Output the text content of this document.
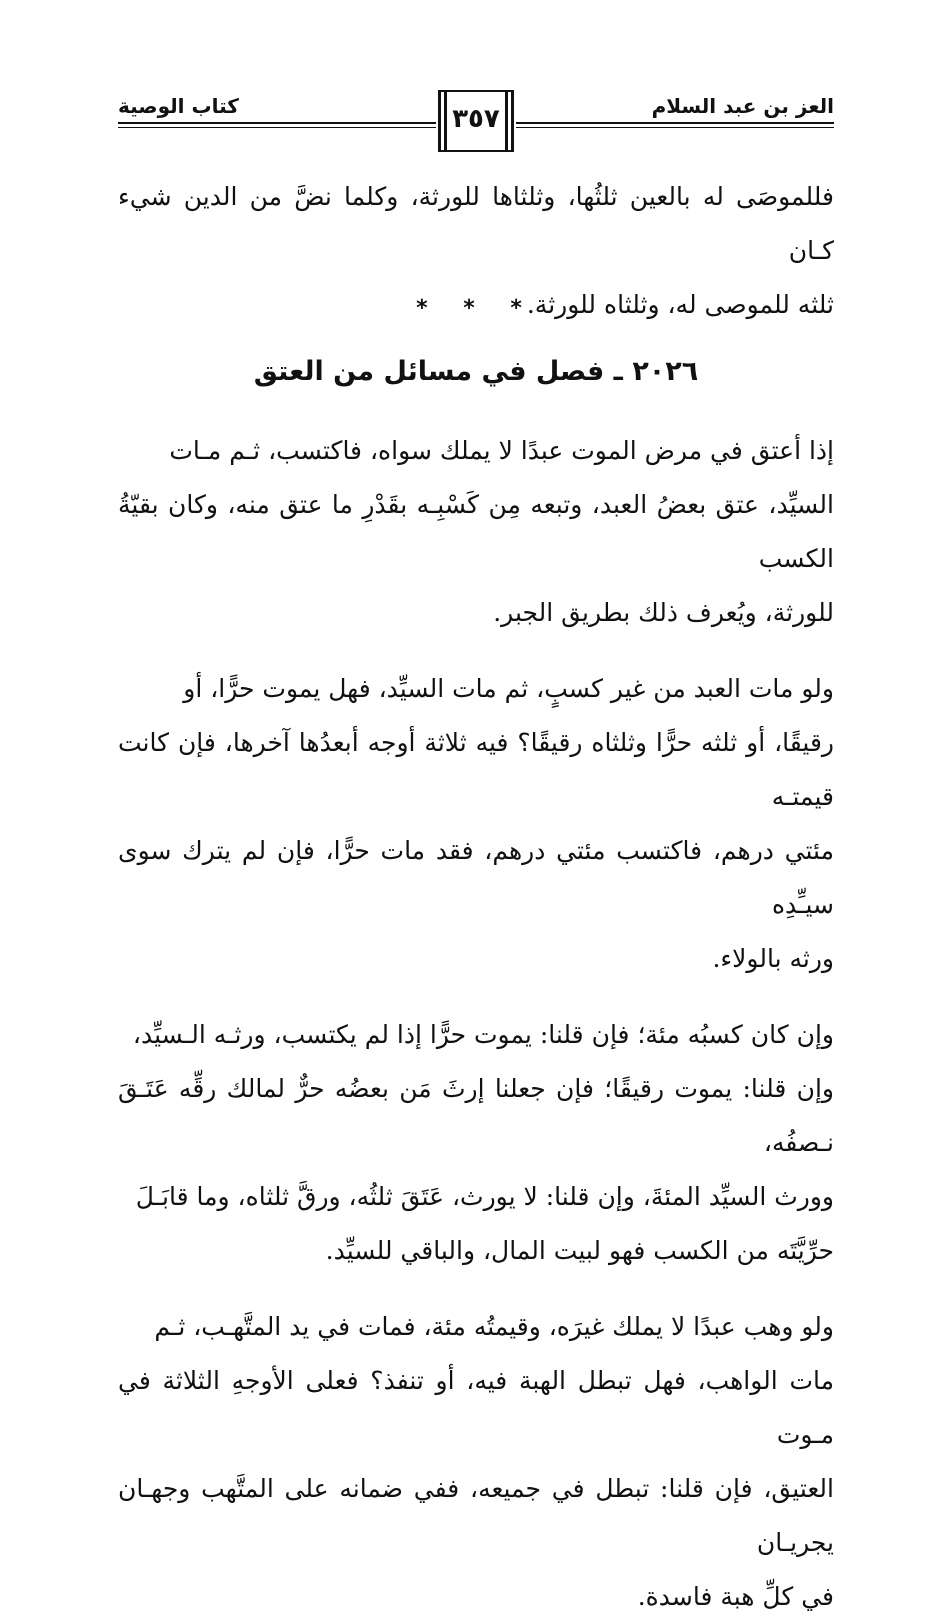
العز بن عبد السلام
كتاب الوصية	٣٥٧

فللموصَى له بالعين ثلثُها، وثلثاها للورثة، وكلما نضَّ من الدين شيء كـان

ثلثه للموصى له، وثلثاه للورثة.

* * *
٢٠٢٦ ـ فصل في مسائل من العتق

إذا أعتق في مرض الموت عبدًا لا يملك سواه، فاكتسب، ثـم مـات

السيِّد، عتق بعضُ العبد، وتبعه مِن كَسْبِـه بقَدْرِ ما عتق منه، وكان بقيّةُ الكسب

للورثة، ويُعرف ذلك بطريق الجبر.

ولو مات العبد من غير كسبٍ، ثم مات السيِّد، فهل يموت حرًّا، أو

رقيقًا، أو ثلثه حرًّا وثلثاه رقيقًا؟ فيه ثلاثة أوجه أبعدُها آخرها، فإن كانت قيمتـه

مئتي درهم، فاكتسب مئتي درهم، فقد مات حرًّا، فإن لم يترك سوى سيـِّدِه

ورثه بالولاء.

وإن كان كسبُه مئة؛ فإن قلنا: يموت حرًّا إذا لم يكتسب، ورثـه الـسيِّد،

وإن قلنا: يموت رقيقًا؛ فإن جعلنا إرثَ مَن بعضُه حرٌّ لمالك رقِّه عَتَـقَ نـصفُه،

وورث السيِّد المئةَ، وإن قلنا: لا يورث، عَتَقَ ثلثُه، ورقَّ ثلثاه، وما قابَـلَ

حرِّيَّتَه من الكسب فهو لبيت المال، والباقي للسيِّد.

ولو وهب عبدًا لا يملك غيرَه، وقيمتُه مئة، فمات في يد المتَّهـب، ثـم

مات الواهب، فهل تبطل الهبة فيه، أو تنفذ؟ فعلى الأوجهِ الثلاثة في مـوت

العتيق، فإن قلنا: تبطل في جميعه، ففي ضمانه على المتَّهب وجهـان يجريـان

في كلِّ هبة فاسدة.
